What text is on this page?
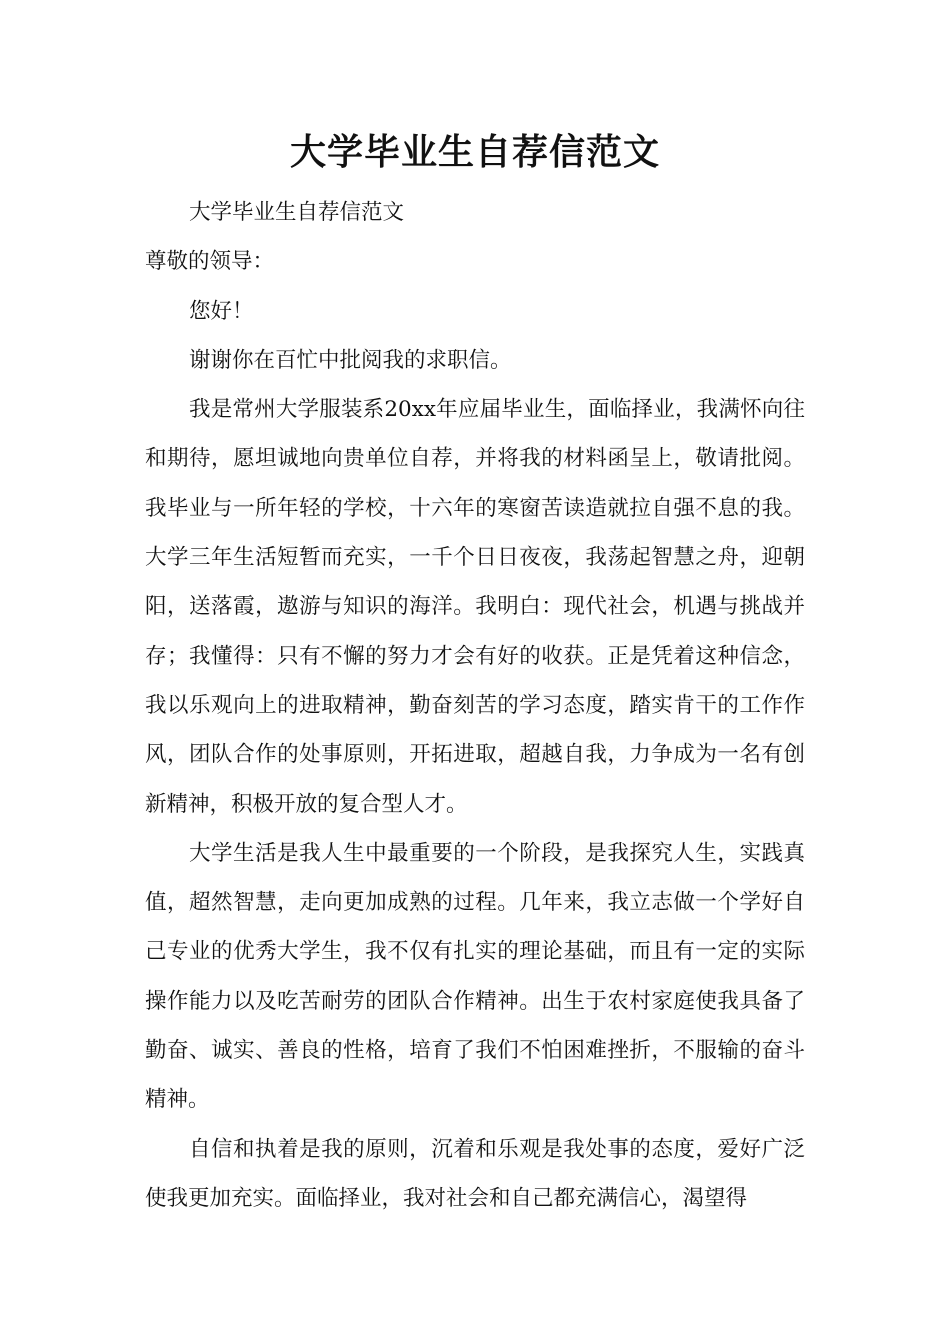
大学毕业生自荐信范文

大学毕业生自荐信范文

尊敬的领导：

您好！

谢谢你在百忙中批阅我的求职信。

我是常州大学服装系20xx年应届毕业生，面临择业，我满怀向往和期待，愿坦诚地向贵单位自荐，并将我的材料函呈上，敬请批阅。 我毕业与一所年轻的学校，十六年的寒窗苦读造就拉自强不息的我。大学三年生活短暂而充实，一千个日日夜夜，我荡起智慧之舟，迎朝阳，送落霞，遨游与知识的海洋。我明白：现代社会，机遇与挑战并存；我懂得：只有不懈的努力才会有好的收获。正是凭着这种信念，我以乐观向上的进取精神，勤奋刻苦的学习态度，踏实肯干的工作作风，团队合作的处事原则，开拓进取，超越自我，力争成为一名有创新精神，积极开放的复合型人才。

大学生活是我人生中最重要的一个阶段，是我探究人生，实践真值，超然智慧，走向更加成熟的过程。几年来，我立志做一个学好自己专业的优秀大学生，我不仅有扎实的理论基础，而且有一定的实际操作能力以及吃苦耐劳的团队合作精神。出生于农村家庭使我具备了勤奋、诚实、善良的性格，培育了我们不怕困难挫折，不服输的奋斗精神。

自信和执着是我的原则，沉着和乐观是我处事的态度，爱好广泛使我更加充实。面临择业，我对社会和自己都充满信心，渴望得
